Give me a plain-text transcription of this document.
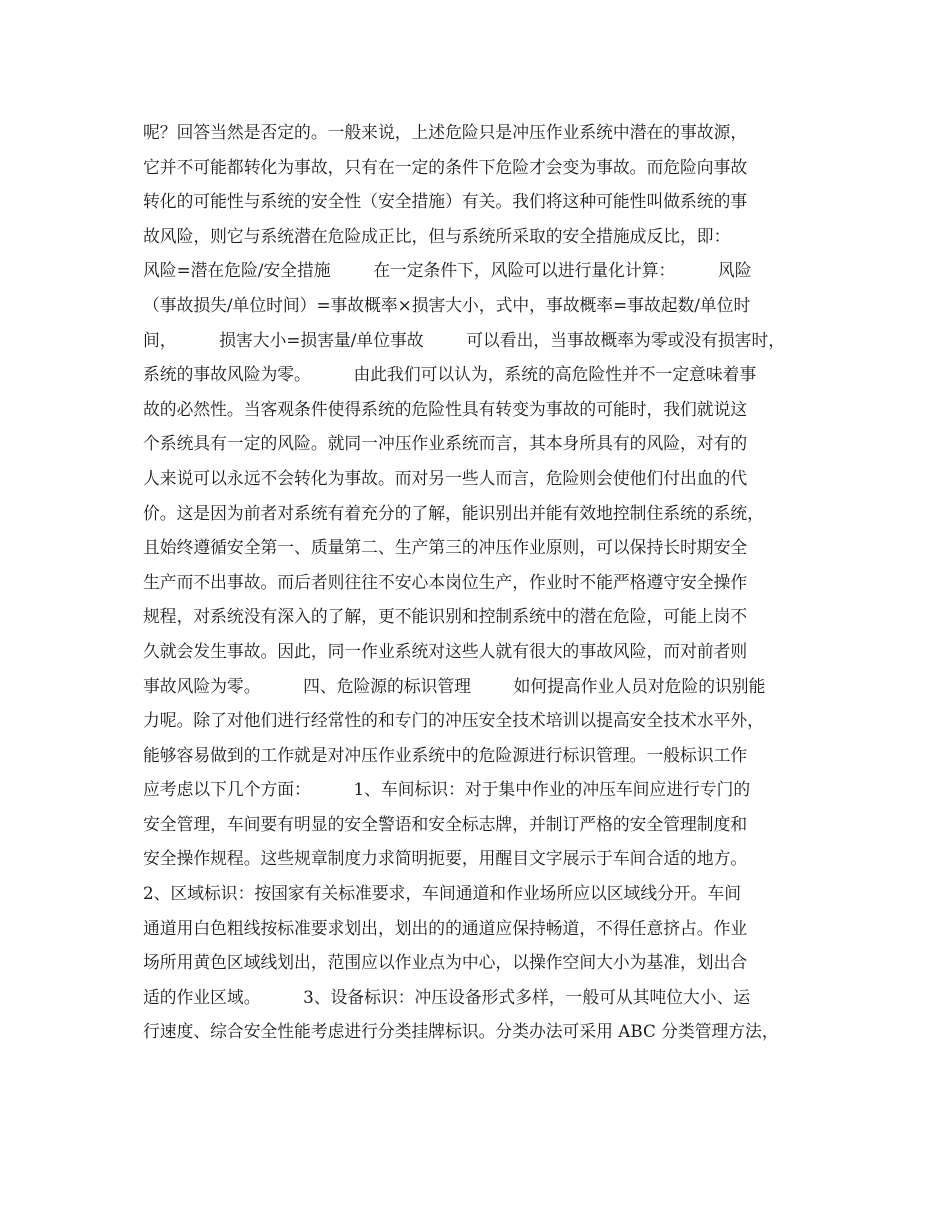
呢？回答当然是否定的。一般来说，上述危险只是冲压作业系统中潜在的事故源，
它并不可能都转化为事故，只有在一定的条件下危险才会变为事故。而危险向事故
转化的可能性与系统的安全性（安全措施）有关。我们将这种可能性叫做系统的事
故风险，则它与系统潜在危险成正比，但与系统所采取的安全措施成反比，即：
风险=潜在危险/安全措施        在一定条件下，风险可以进行量化计算：        风险
（事故损失/单位时间）=事故概率×损害大小，式中，事故概率=事故起数/单位时
间，        损害大小=损害量/单位事故        可以看出，当事故概率为零或没有损害时，
系统的事故风险为零。        由此我们可以认为，系统的高危险性并不一定意味着事
故的必然性。当客观条件使得系统的危险性具有转变为事故的可能时，我们就说这
个系统具有一定的风险。就同一冲压作业系统而言，其本身所具有的风险，对有的
人来说可以永远不会转化为事故。而对另一些人而言，危险则会使他们付出血的代
价。这是因为前者对系统有着充分的了解，能识别出并能有效地控制住系统的系统，
且始终遵循安全第一、质量第二、生产第三的冲压作业原则，可以保持长时期安全
生产而不出事故。而后者则往往不安心本岗位生产，作业时不能严格遵守安全操作
规程，对系统没有深入的了解，更不能识别和控制系统中的潜在危险，可能上岗不
久就会发生事故。因此，同一作业系统对这些人就有很大的事故风险，而对前者则
事故风险为零。        四、危险源的标识管理        如何提高作业人员对危险的识别能
力呢。除了对他们进行经常性的和专门的冲压安全技术培训以提高安全技术水平外，
能够容易做到的工作就是对冲压作业系统中的危险源进行标识管理。一般标识工作
应考虑以下几个方面：        1、车间标识：对于集中作业的冲压车间应进行专门的
安全管理，车间要有明显的安全警语和安全标志牌，并制订严格的安全管理制度和
安全操作规程。这些规章制度力求简明扼要，用醒目文字展示于车间合适的地方。
2、区域标识：按国家有关标准要求，车间通道和作业场所应以区域线分开。车间
通道用白色粗线按标准要求划出，划出的的通道应保持畅道，不得任意挤占。作业
场所用黄色区域线划出，范围应以作业点为中心，以操作空间大小为基准，划出合
适的作业区域。        3、设备标识：冲压设备形式多样，一般可从其吨位大小、运
行速度、综合安全性能考虑进行分类挂牌标识。分类办法可采用 ABC 分类管理方法，
